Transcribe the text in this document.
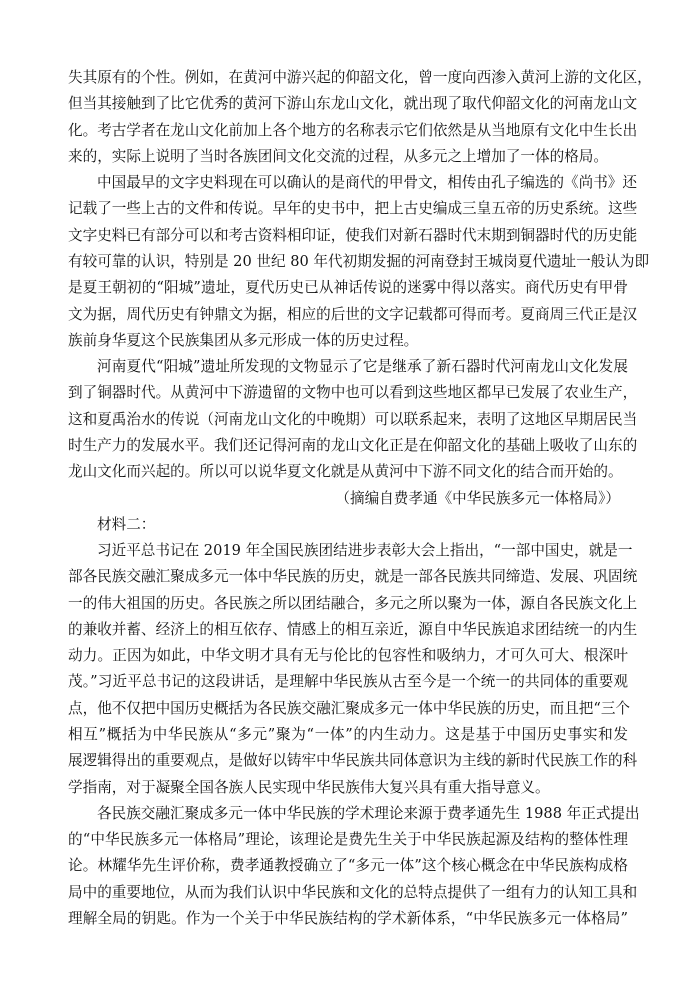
失其原有的个性。例如，在黄河中游兴起的仰韶文化，曾一度向西渗入黄河上游的文化区，
但当其接触到了比它优秀的黄河下游山东龙山文化，就出现了取代仰韶文化的河南龙山文
化。考古学者在龙山文化前加上各个地方的名称表示它们依然是从当地原有文化中生长出
来的，实际上说明了当时各族团间文化交流的过程，从多元之上增加了一体的格局。
中国最早的文字史料现在可以确认的是商代的甲骨文，相传由孔子编选的《尚书》还
记载了一些上古的文件和传说。早年的史书中，把上古史编成三皇五帝的历史系统。这些
文字史料已有部分可以和考古资料相印证，使我们对新石器时代末期到铜器时代的历史能
有较可靠的认识，特别是 20 世纪 80 年代初期发掘的河南登封王城岗夏代遗址一般认为即
是夏王朝初的“阳城”遗址，夏代历史已从神话传说的迷雾中得以落实。商代历史有甲骨
文为据，周代历史有钟鼎文为据，相应的后世的文字记载都可得而考。夏商周三代正是汉
族前身华夏这个民族集团从多元形成一体的历史过程。
河南夏代“阳城”遗址所发现的文物显示了它是继承了新石器时代河南龙山文化发展
到了铜器时代。从黄河中下游遗留的文物中也可以看到这些地区都早已发展了农业生产，
这和夏禹治水的传说（河南龙山文化的中晚期）可以联系起来，表明了这地区早期居民当
时生产力的发展水平。我们还记得河南的龙山文化正是在仰韶文化的基础上吸收了山东的
龙山文化而兴起的。所以可以说华夏文化就是从黄河中下游不同文化的结合而开始的。
（摘编自费孝通《中华民族多元一体格局》）
材料二：
习近平总书记在 2019 年全国民族团结进步表彰大会上指出，“一部中国史，就是一
部各民族交融汇聚成多元一体中华民族的历史，就是一部各民族共同缔造、发展、巩固统
一的伟大祖国的历史。各民族之所以团结融合，多元之所以聚为一体，源自各民族文化上
的兼收并蓄、经济上的相互依存、情感上的相互亲近，源自中华民族追求团结统一的内生
动力。正因为如此，中华文明才具有无与伦比的包容性和吸纳力，才可久可大、根深叶
茂。”习近平总书记的这段讲话，是理解中华民族从古至今是一个统一的共同体的重要观
点，他不仅把中国历史概括为各民族交融汇聚成多元一体中华民族的历史，而且把“三个
相互”概括为中华民族从“多元”聚为“一体”的内生动力。这是基于中国历史事实和发
展逻辑得出的重要观点，是做好以铸牢中华民族共同体意识为主线的新时代民族工作的科
学指南，对于凝聚全国各族人民实现中华民族伟大复兴具有重大指导意义。
各民族交融汇聚成多元一体中华民族的学术理论来源于费孝通先生 1988 年正式提出
的“中华民族多元一体格局”理论，该理论是费先生关于中华民族起源及结构的整体性理
论。林耀华先生评价称，费孝通教授确立了“多元一体”这个核心概念在中华民族构成格
局中的重要地位，从而为我们认识中华民族和文化的总特点提供了一组有力的认知工具和
理解全局的钥匙。作为一个关于中华民族结构的学术新体系，“中华民族多元一体格局”
